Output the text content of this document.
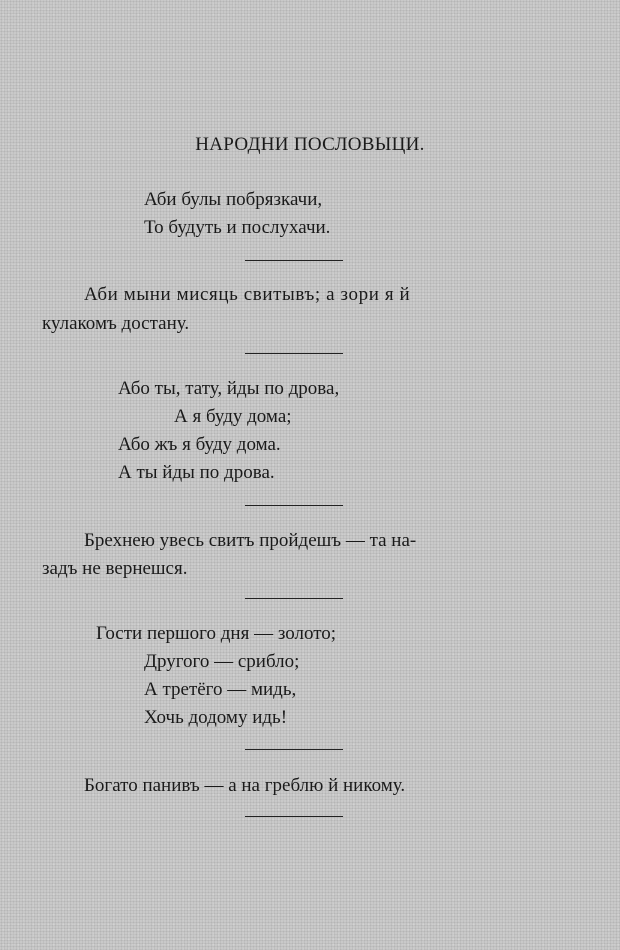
НАРОДНИ ПОСЛОВЫЦИ.
Аби булы побрязкачи,
То будуть и послухачи.
Аби мыни мисяць свитывъ; а зори я й
кулакомъ достану.
Або ты, тату, йды по дрова,
А я буду дома;
Або жъ я буду дома.
А ты йды по дрова.
Брехнею увесь свитъ пройдешъ — та на-
задъ не вернешся.
Гости першого дня — золото;
Другого — срибло;
А третёго — мидь,
Хочь додому идь!
Богато панивъ — а на греблю й никому.
